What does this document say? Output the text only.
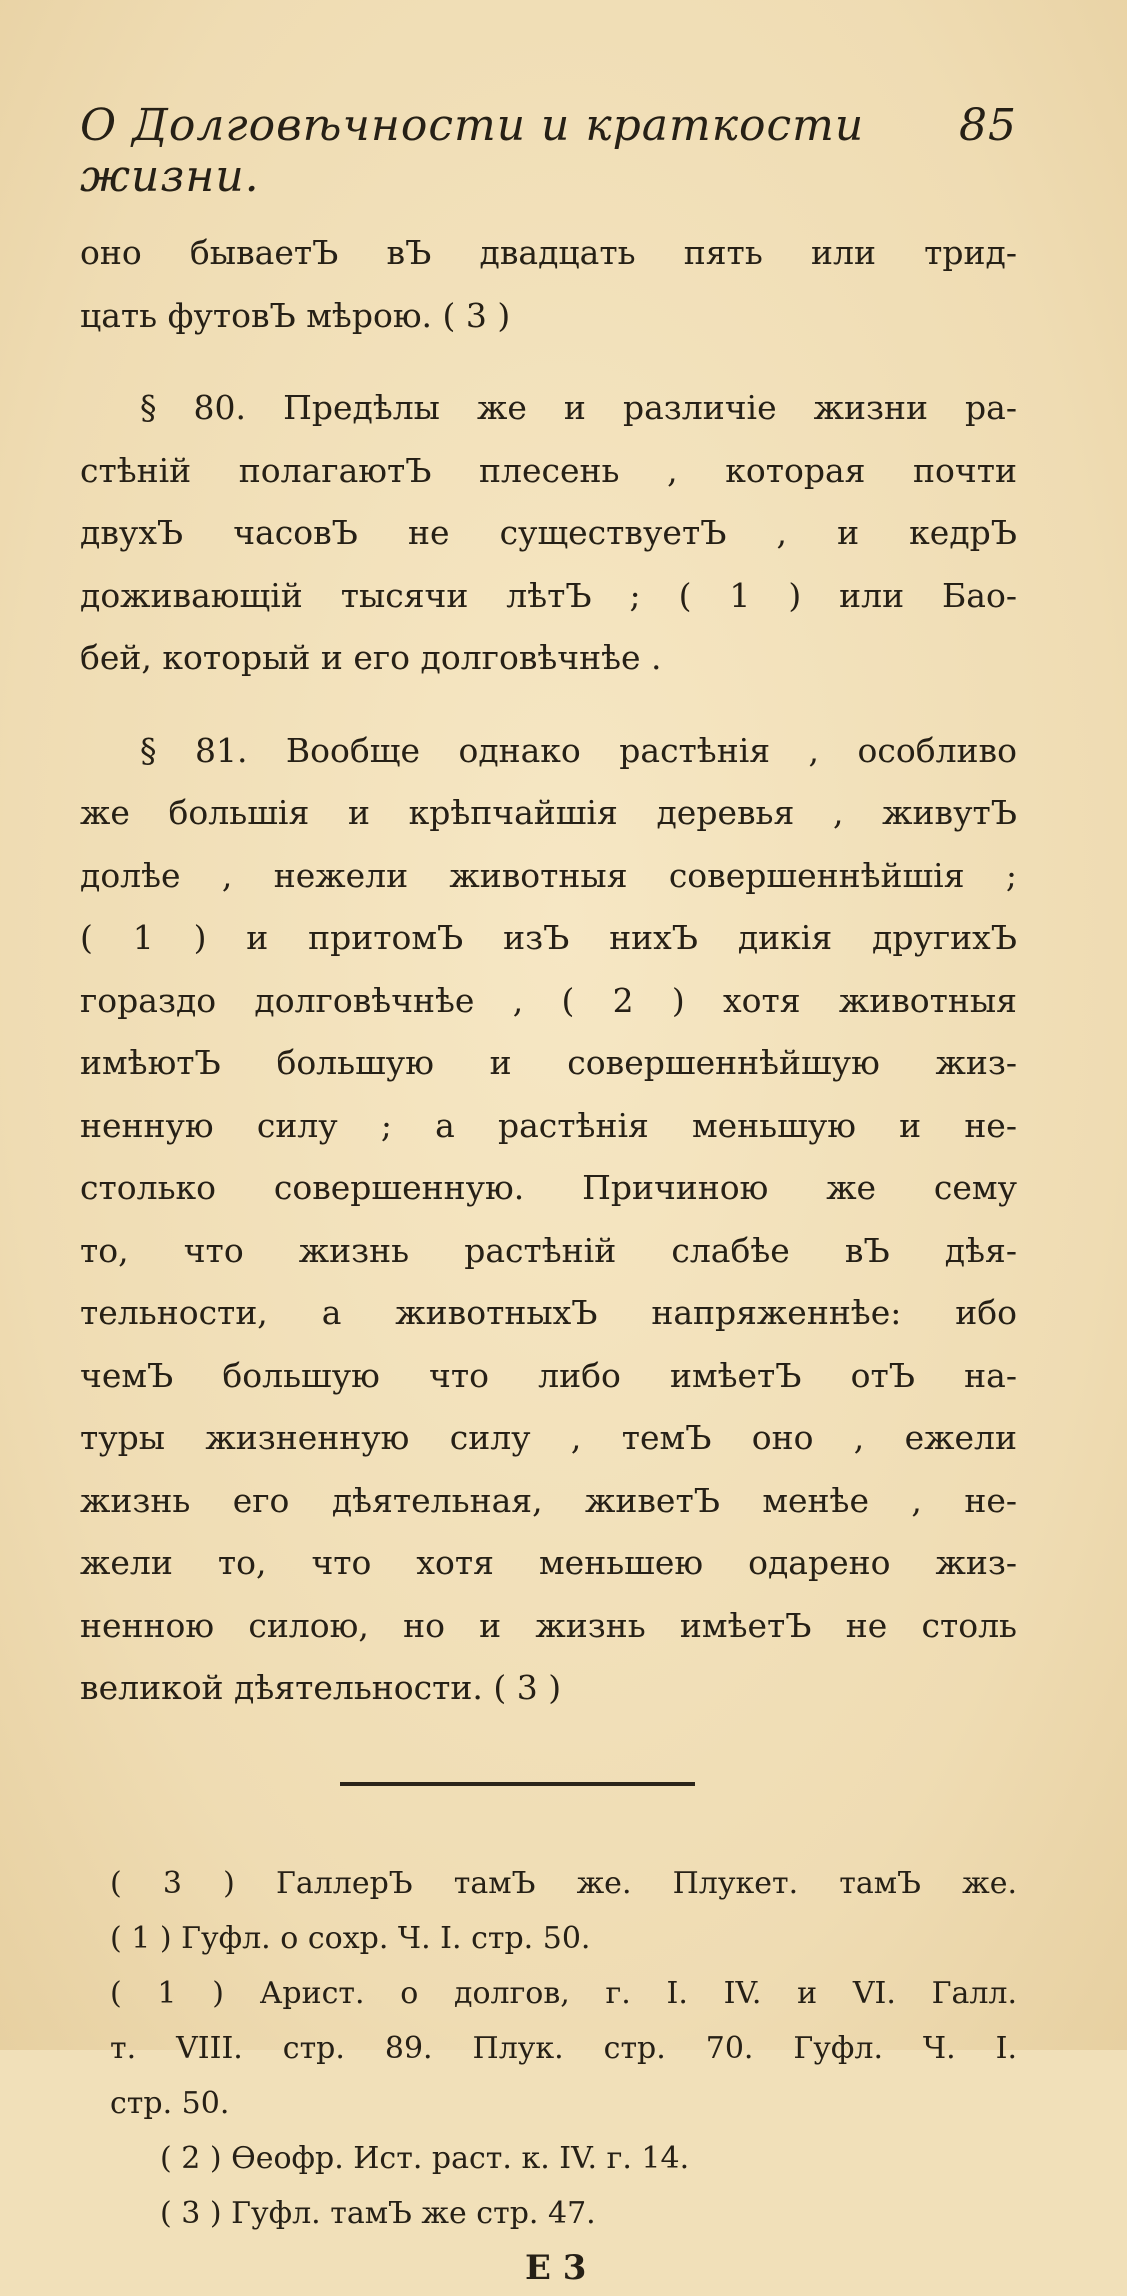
О Долговѣчности и краткости жизни.
85
оно бываетЪ вЪ двадцать пять или трид-
цать футовЪ мѣрою. ( 3 )
§ 80. Предѣлы же и различіе жизни ра-
стѣній полагаютЪ плесень , которая почти
двухЪ часовЪ не существуетЪ , и кедрЪ
доживающій тысячи лѣтЪ ; ( 1 ) или Бао-
бей, который и его долговѣчнѣе .
§ 81. Вообще однако растѣнія , особливо
же большія и крѣпчайшія деревья , живутЪ
долѣе , нежели животныя совершеннѣйшія ;
( 1 ) и притомЪ изЪ нихЪ дикія другихЪ
гораздо долговѣчнѣе , ( 2 ) хотя животныя
имѣютЪ большую и совершеннѣйшую жиз-
ненную силу ; а растѣнія меньшую и не-
столько совершенную. Причиною же сему
то, что жизнь растѣній слабѣе вЪ дѣя-
тельности, а животныхЪ напряженнѣе: ибо
чемЪ большую что либо имѣетЪ отЪ на-
туры жизненную силу , темЪ оно , ежели
жизнь его дѣятельная, живетЪ менѣе , не-
жели то, что хотя меньшею одарено жиз-
ненною силою, но и жизнь имѣетЪ не столь
великой дѣятельности. ( 3 )
( 3 ) ГаллерЪ тамЪ же. Плукет. тамЪ же.
( 1 ) Гуфл. о сохр. Ч. I. стр. 50.
( 1 ) Арист. о долгов, г. I. IV. и VI. Галл.
т. VIII. стр. 89. Плук. стр. 70. Гуфл. Ч. I.
стр. 50.
( 2 ) Ѳеофр. Ист. раст. к. IV. г. 14.
( 3 ) Гуфл. тамЪ же стр. 47.
Е 3
